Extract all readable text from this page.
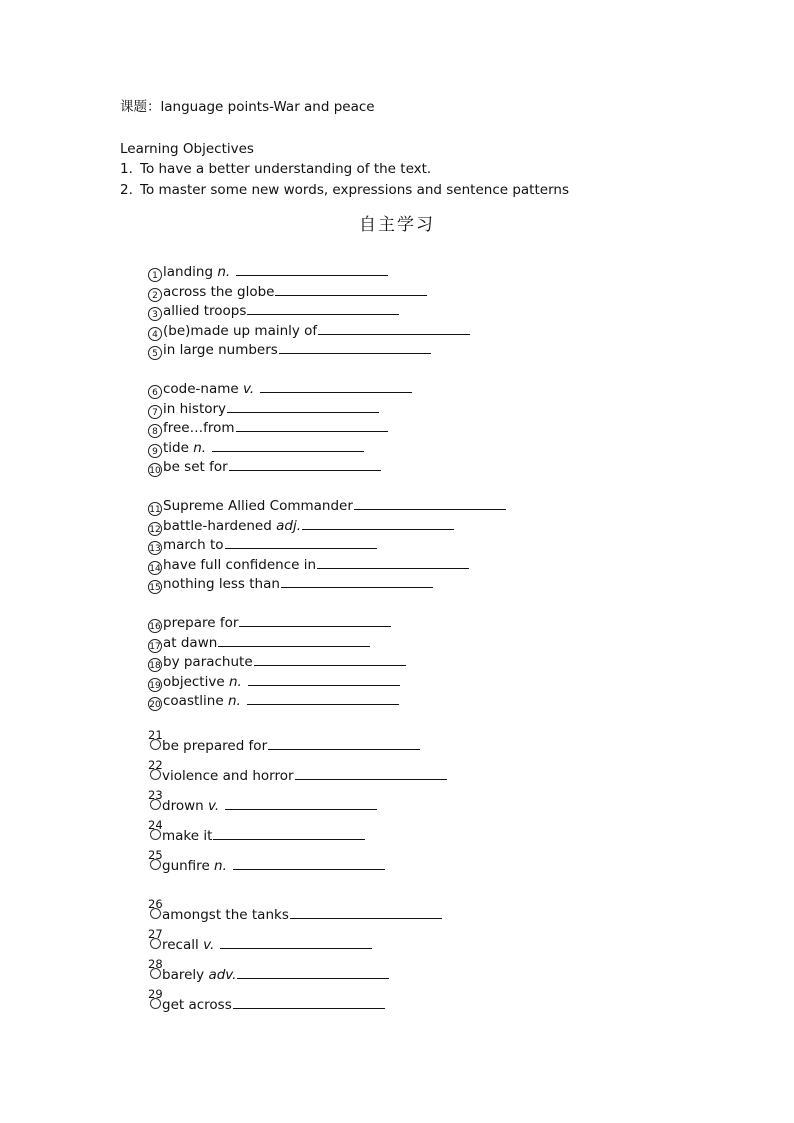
课题：language points-War and peace
Learning Objectives
1. To have a better understanding of the text.
2. To master some new words, expressions and sentence patterns
自主学习
1 landing n.
2 across the globe
3 allied troops
4 (be)made up mainly of
5 in large numbers
6 code-name v.
7 in history
8 free…from
9 tide n.
10 be set for
11 Supreme Allied Commander
12 battle-hardened adj.
13 march to
14 have full confidence in
15 nothing less than
16 prepare for
17 at dawn
18 by parachute
19 objective n.
20 coastline n.
21
be prepared for
22
violence and horror
23
drown v.
24
make it
25
gunfire n.
26
amongst the tanks
27
recall v.
28
barely adv.
29
get across
